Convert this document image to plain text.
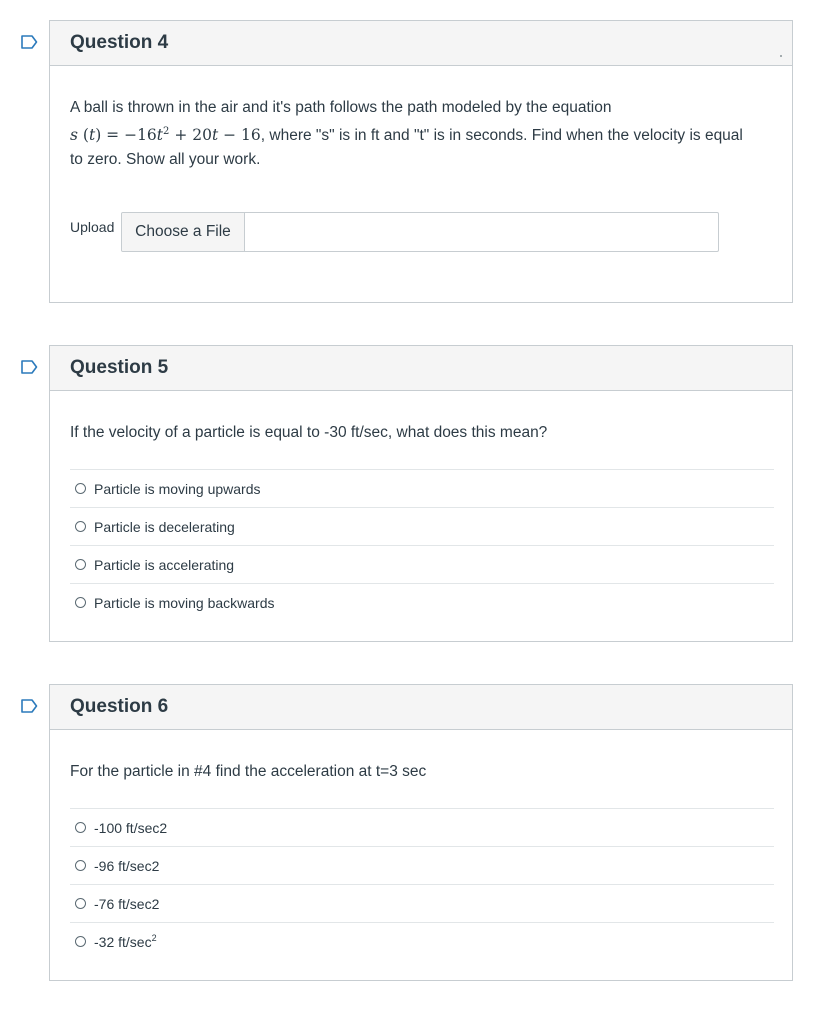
Question 4
A ball is thrown in the air and it's path follows the path modeled by the equation
s $(t) = -16t^2 + 20t - 16$, where "s" is in ft and "t" is in seconds. Find when the velocity is equal
to zero. Show all your work.
Upload	Choose a File
Question 5
If the velocity of a particle is equal to -30 ft/sec, what does this mean?
Particle is moving upwards
Particle is decelerating
Particle is accelerating
Particle is moving backwards
Question 6
For the particle in #4 find the acceleration at t=3 sec
-100 ft/sec2
-96 ft/sec2
-76 ft/sec2
-32 $ft/\sec^2$
